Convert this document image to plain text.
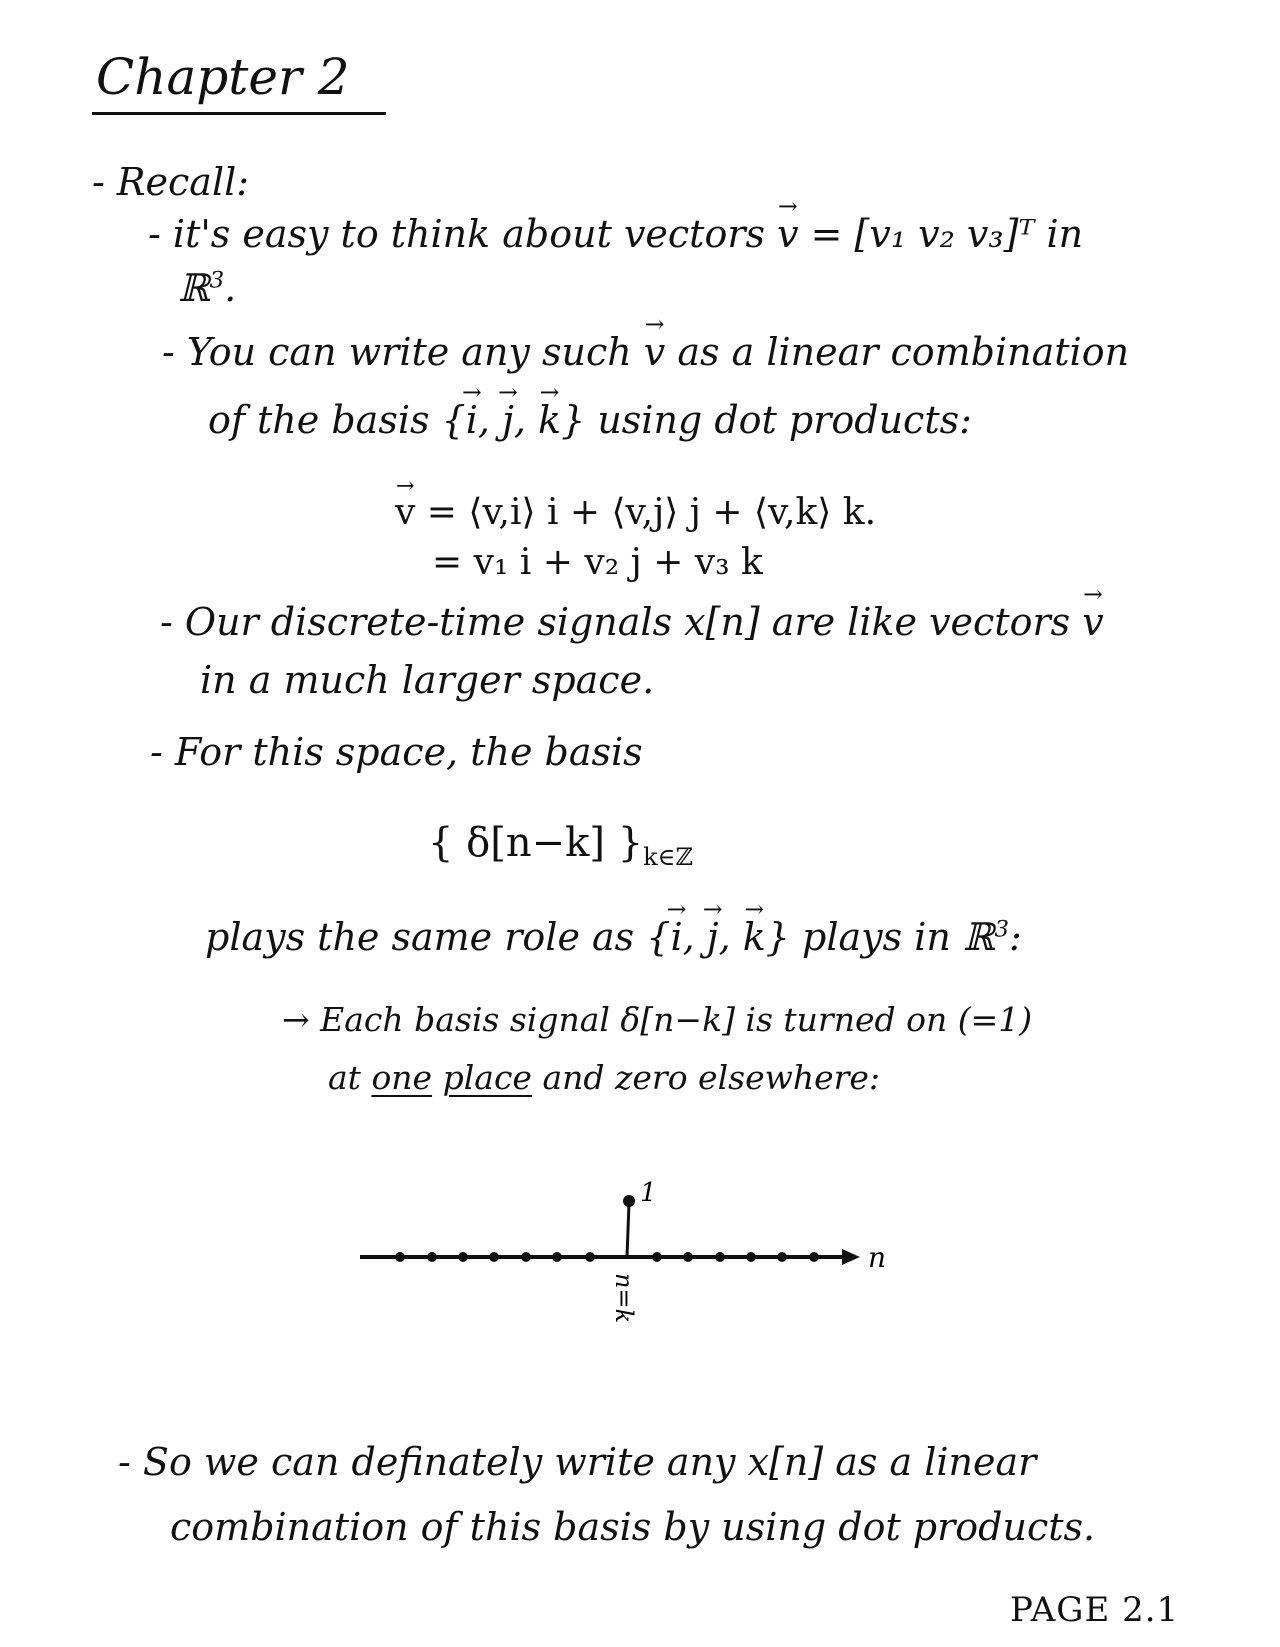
Chapter 2
- Recall:
- it's easy to think about vectors → v = [v₁ v₂ v₃]ᵀ in
ℝ$^3$.
- You can write any such → v as a linear combination
of the basis {→ i, → j, → k} using dot products:
→ v = ⟨v,i⟩ i + ⟨v,j⟩ j + ⟨v,k⟩ k.
= v₁ i + v₂ j + v₃ k
- Our discrete-time signals x[n] are like vectors → v
in a much larger space.
- For this space, the basis
{ δ[n−k] }$_{k\in ℤ}$
plays the same role as {→ i, → j, → k} plays in ℝ$^3$:
→ Each basis signal δ[n−k] is turned on (=1)
at one place and zero elsewhere:
1
n
n=k
- So we can definately write any x[n] as a linear
combination of this basis by using dot products.
PAGE 2.1
